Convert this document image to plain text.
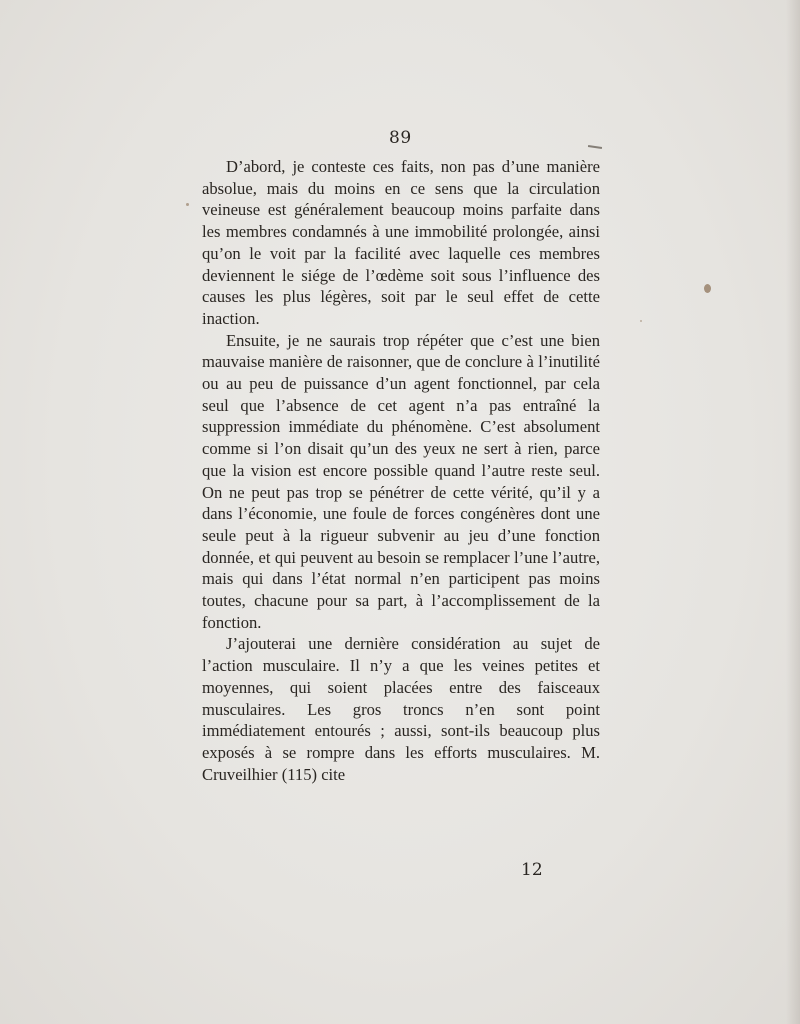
89

D’abord, je conteste ces faits, non pas d’une manière absolue, mais du moins en ce sens que la circulation veineuse est généralement beaucoup moins parfaite dans les membres condamnés à une immobilité prolongée, ainsi qu’on le voit par la facilité avec laquelle ces membres deviennent le siége de l’œdème soit sous l’influence des causes les plus légères, soit par le seul effet de cette inaction.

Ensuite, je ne saurais trop répéter que c’est une bien mauvaise manière de raisonner, que de conclure à l’inutilité ou au peu de puissance d’un agent fonctionnel, par cela seul que l’absence de cet agent n’a pas entraîné la suppression immédiate du phénomène. C’est absolument comme si l’on disait qu’un des yeux ne sert à rien, parce que la vision est encore possible quand l’autre reste seul. On ne peut pas trop se pénétrer de cette vérité, qu’il y a dans l’économie, une foule de forces congénères dont une seule peut à la rigueur subvenir au jeu d’une fonction donnée, et qui peuvent au besoin se remplacer l’une l’autre, mais qui dans l’état normal n’en participent pas moins toutes, chacune pour sa part, à l’accomplissement de la fonction.

J’ajouterai une dernière considération au sujet de l’action musculaire. Il n’y a que les veines petites et moyennes, qui soient placées entre des faisceaux musculaires. Les gros troncs n’en sont point immédiatement entourés ; aussi, sont-ils beaucoup plus exposés à se rompre dans les efforts musculaires. M. Cruveilhier (115) cite

12
